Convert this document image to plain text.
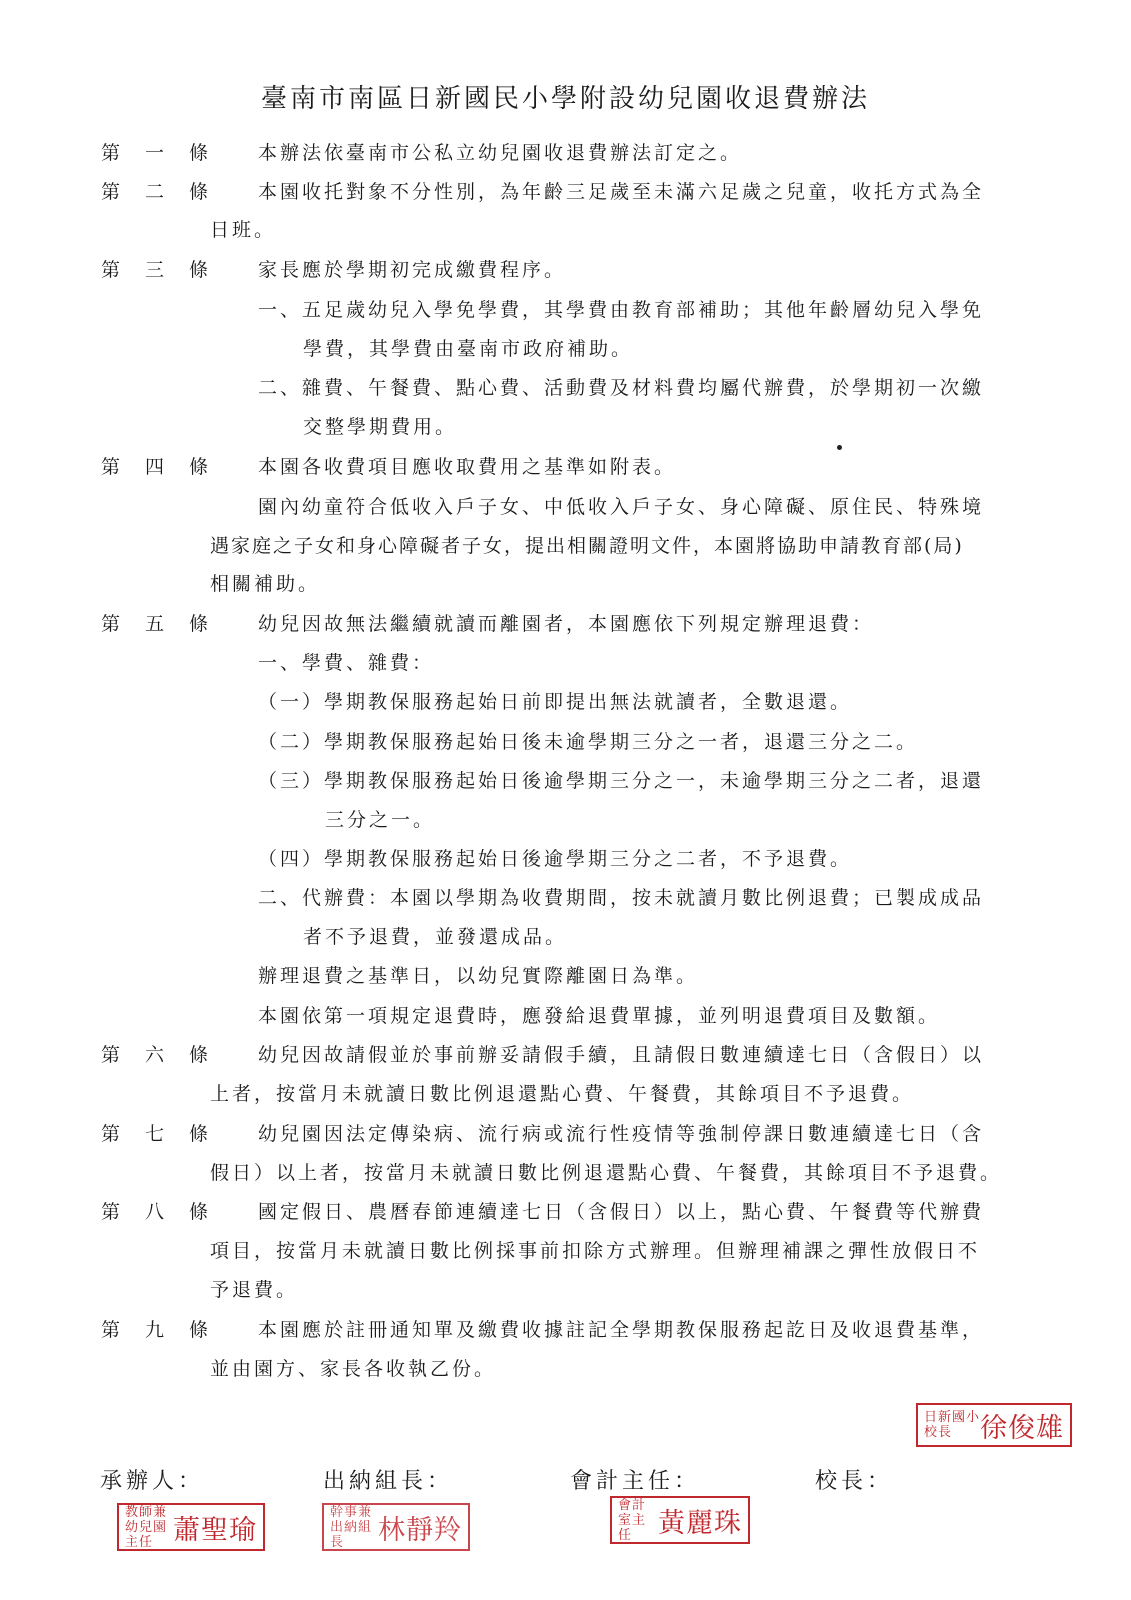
臺南市南區日新國民小學附設幼兒園收退費辦法
第 一 條	本辦法依臺南市公私立幼兒園收退費辦法訂定之。
第 二 條	本園收托對象不分性別，為年齡三足歲至未滿六足歲之兒童，收托方式為全
日班。
第 三 條	家長應於學期初完成繳費程序。
一、五足歲幼兒入學免學費，其學費由教育部補助；其他年齡層幼兒入學免
學費，其學費由臺南市政府補助。
二、雜費、午餐費、點心費、活動費及材料費均屬代辦費，於學期初一次繳
交整學期費用。
第 四 條	本園各收費項目應收取費用之基準如附表。
園內幼童符合低收入戶子女、中低收入戶子女、身心障礙、原住民、特殊境
遇家庭之子女和身心障礙者子女，提出相關證明文件，本園將協助申請教育部(局)
相關補助。
第 五 條	幼兒因故無法繼續就讀而離園者，本園應依下列規定辦理退費：
一、學費、雜費：
（一）學期教保服務起始日前即提出無法就讀者，全數退還。
（二）學期教保服務起始日後未逾學期三分之一者，退還三分之二。
（三）學期教保服務起始日後逾學期三分之一，未逾學期三分之二者，退還
三分之一。
（四）學期教保服務起始日後逾學期三分之二者，不予退費。
二、代辦費：本園以學期為收費期間，按未就讀月數比例退費；已製成成品
者不予退費，並發還成品。
辦理退費之基準日，以幼兒實際離園日為準。
本園依第一項規定退費時，應發給退費單據，並列明退費項目及數額。
第 六 條	幼兒因故請假並於事前辦妥請假手續，且請假日數連續達七日（含假日）以
上者，按當月未就讀日數比例退還點心費、午餐費，其餘項目不予退費。
第 七 條	幼兒園因法定傳染病、流行病或流行性疫情等強制停課日數連續達七日（含
假日）以上者，按當月未就讀日數比例退還點心費、午餐費，其餘項目不予退費。
第 八 條	國定假日、農曆春節連續達七日（含假日）以上，點心費、午餐費等代辦費
項目，按當月未就讀日數比例採事前扣除方式辦理。但辦理補課之彈性放假日不
予退費。
第 九 條	本園應於註冊通知單及繳費收據註記全學期教保服務起訖日及收退費基準，
並由園方、家長各收執乙份。
承辦人：	出納組長：	會計主任：	校長：
教師兼幼兒園主任 蕭聖瑜
幹事兼出納組長	林靜羚
會計室主任 黃麗珠
日新國小校長	徐俊雄
